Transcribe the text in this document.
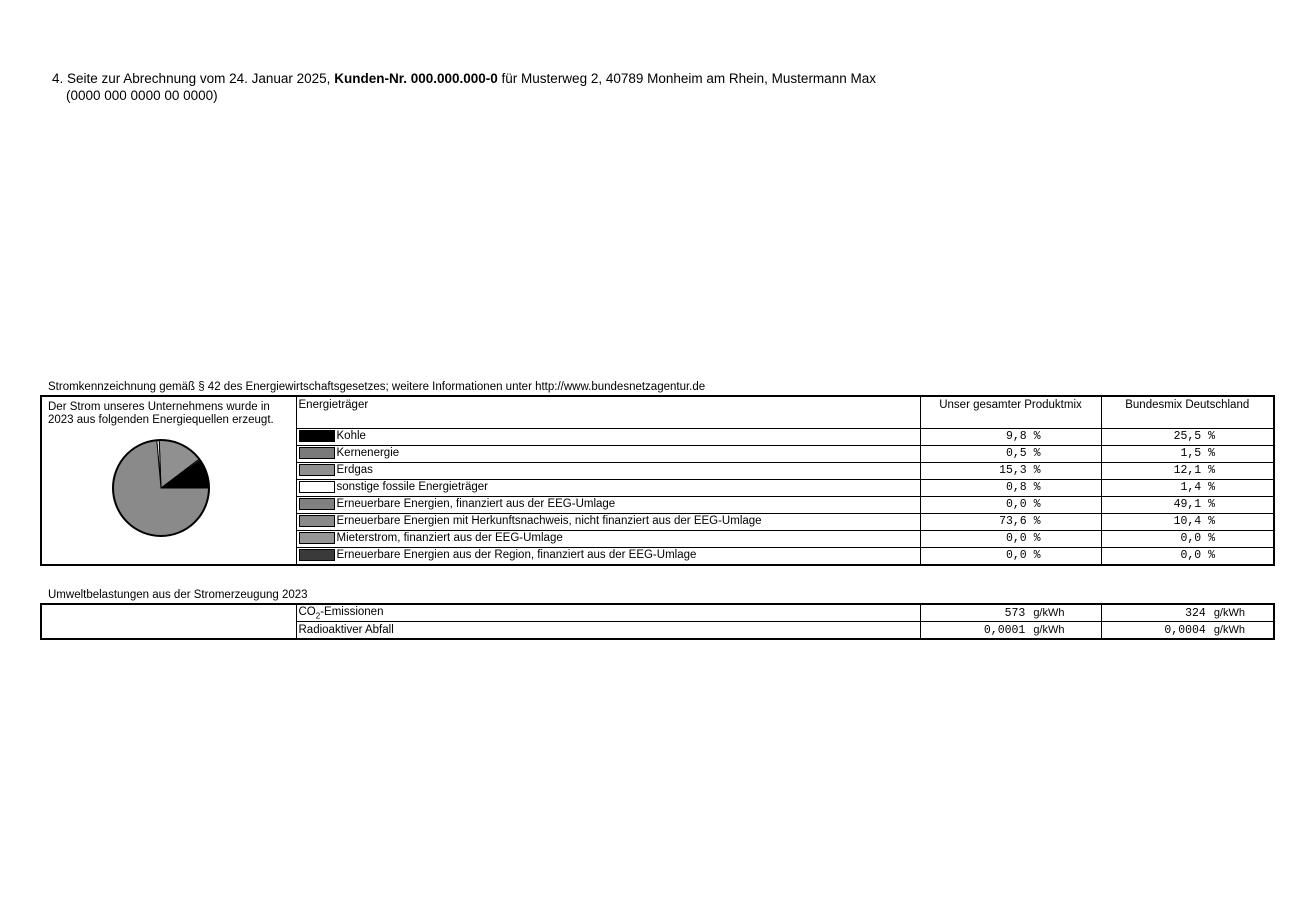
4. Seite zur Abrechnung vom 24. Januar 2025, Kunden-Nr. 000.000.000-0 für Musterweg 2, 40789 Monheim am Rhein, Mustermann Max
(0000 000 0000 00 0000)
Stromkennzeichnung gemäß § 42 des Energiewirtschaftsgesetzes; weitere Informationen unter http://www.bundesnetzagentur.de
Der Strom unseres Unternehmens wurde in 2023 aus folgenden Energiequellen erzeugt.	Energieträger	Unser gesamter Produktmix	Bundesmix Deutschland
	Kohle	9,8 %	25,5 %
	Kernenergie	0,5 %	1,5 %
	Erdgas	15,3 %	12,1 %
	sonstige fossile Energieträger	0,8 %	1,4 %
	Erneuerbare Energien, finanziert aus der EEG-Umlage	0,0 %	49,1 %
	Erneuerbare Energien mit Herkunftsnachweis, nicht finanziert aus der EEG-Umlage	73,6 %	10,4 %
	Mieterstrom, finanziert aus der EEG-Umlage	0,0 %	0,0 %
	Erneuerbare Energien aus der Region, finanziert aus der EEG-Umlage	0,0 %	0,0 %
Umweltbelastungen aus der Stromerzeugung 2023
	$CO_2$-Emissionen	573 g/kWh	324 g/kWh

	Radioaktiver Abfall	0,0001 g/kWh	0,0004 g/kWh
